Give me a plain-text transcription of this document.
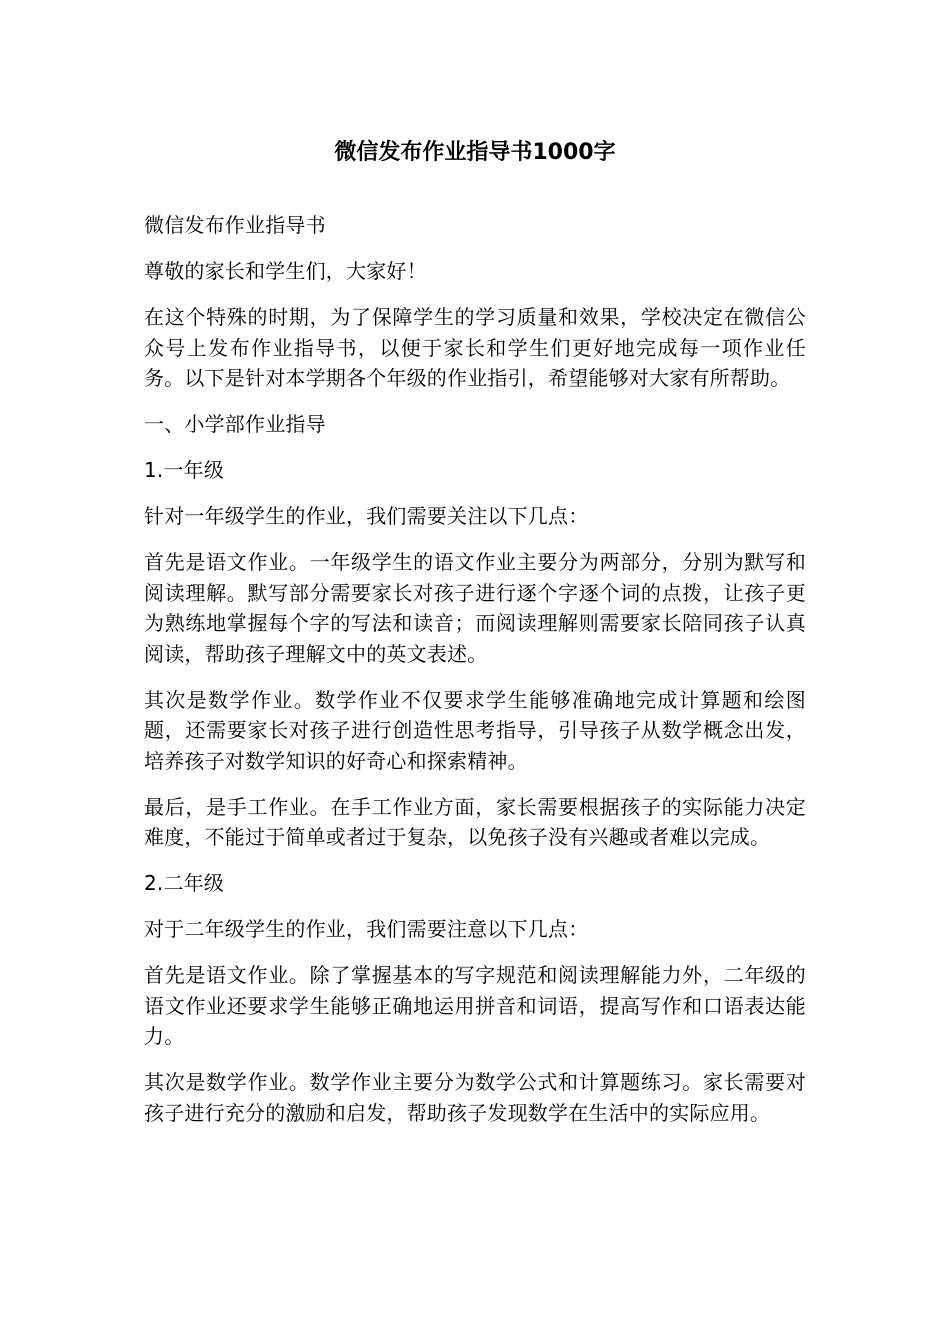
微信发布作业指导书1000字

微信发布作业指导书

尊敬的家长和学生们，大家好！

在这个特殊的时期，为了保障学生的学习质量和效果，学校决定在微信公众号上发布作业指导书，以便于家长和学生们更好地完成每一项作业任务。以下是针对本学期各个年级的作业指引，希望能够对大家有所帮助。

一、小学部作业指导

1.一年级

针对一年级学生的作业，我们需要关注以下几点：

首先是语文作业。一年级学生的语文作业主要分为两部分，分别为默写和阅读理解。默写部分需要家长对孩子进行逐个字逐个词的点拨，让孩子更为熟练地掌握每个字的写法和读音；而阅读理解则需要家长陪同孩子认真阅读，帮助孩子理解文中的英文表述。

其次是数学作业。数学作业不仅要求学生能够准确地完成计算题和绘图题，还需要家长对孩子进行创造性思考指导，引导孩子从数学概念出发，培养孩子对数学知识的好奇心和探索精神。

最后，是手工作业。在手工作业方面，家长需要根据孩子的实际能力决定难度，不能过于简单或者过于复杂，以免孩子没有兴趣或者难以完成。

2.二年级

对于二年级学生的作业，我们需要注意以下几点：

首先是语文作业。除了掌握基本的写字规范和阅读理解能力外，二年级的语文作业还要求学生能够正确地运用拼音和词语，提高写作和口语表达能力。

其次是数学作业。数学作业主要分为数学公式和计算题练习。家长需要对孩子进行充分的激励和启发，帮助孩子发现数学在生活中的实际应用。
